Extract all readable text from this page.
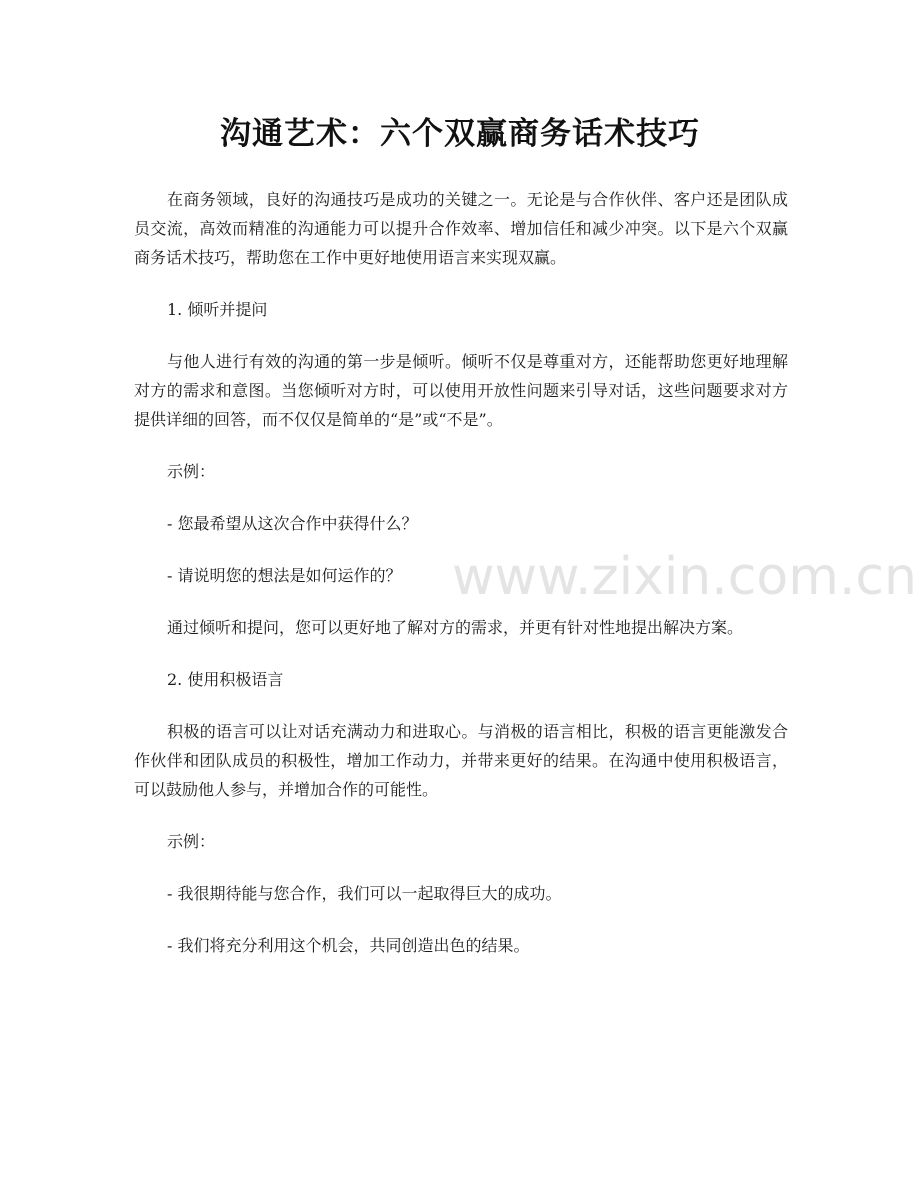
沟通艺术：六个双赢商务话术技巧

在商务领域，良好的沟通技巧是成功的关键之一。无论是与合作伙伴、客户还是团队成员交流，高效而精准的沟通能力可以提升合作效率、增加信任和减少冲突。以下是六个双赢商务话术技巧，帮助您在工作中更好地使用语言来实现双赢。

1. 倾听并提问

与他人进行有效的沟通的第一步是倾听。倾听不仅是尊重对方，还能帮助您更好地理解对方的需求和意图。当您倾听对方时，可以使用开放性问题来引导对话，这些问题要求对方提供详细的回答，而不仅仅是简单的“是”或“不是”。

示例：

- 您最希望从这次合作中获得什么？

- 请说明您的想法是如何运作的？

通过倾听和提问，您可以更好地了解对方的需求，并更有针对性地提出解决方案。

2. 使用积极语言

积极的语言可以让对话充满动力和进取心。与消极的语言相比，积极的语言更能激发合作伙伴和团队成员的积极性，增加工作动力，并带来更好的结果。在沟通中使用积极语言，可以鼓励他人参与，并增加合作的可能性。

示例：

- 我很期待能与您合作，我们可以一起取得巨大的成功。

- 我们将充分利用这个机会，共同创造出色的结果。

www.zixin.com.cn
